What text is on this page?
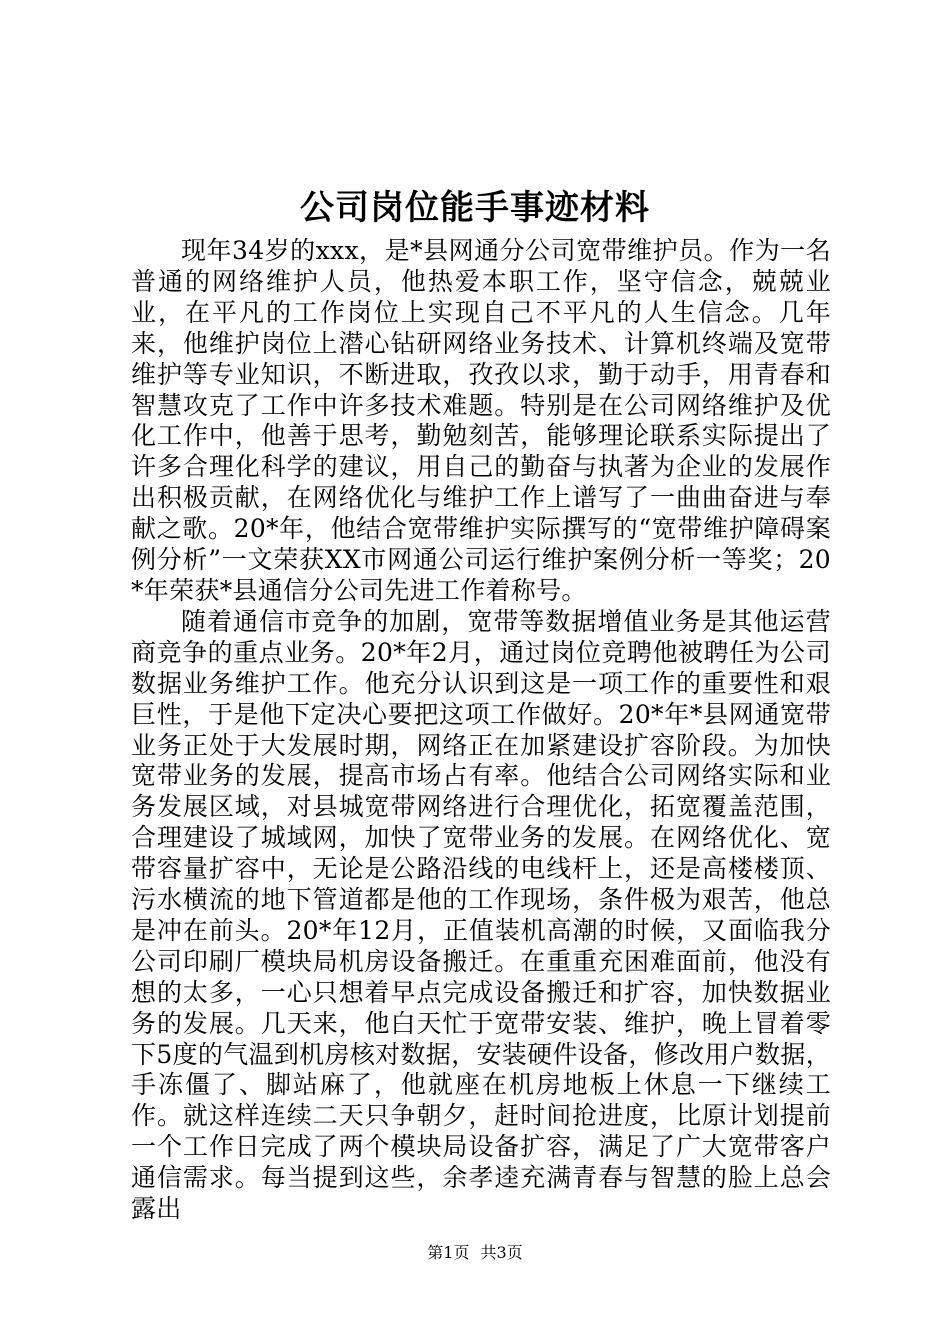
公司岗位能手事迹材料

现年34岁的xxx，是*县网通分公司宽带维护员。作为一名普通的网络维护人员，他热爱本职工作，坚守信念，兢兢业业，在平凡的工作岗位上实现自己不平凡的人生信念。几年来，他维护岗位上潜心钻研网络业务技术、计算机终端及宽带维护等专业知识，不断进取，孜孜以求，勤于动手，用青春和智慧攻克了工作中许多技术难题。特别是在公司网络维护及优化工作中，他善于思考，勤勉刻苦，能够理论联系实际提出了许多合理化科学的建议，用自己的勤奋与执著为企业的发展作出积极贡献，在网络优化与维护工作上谱写了一曲曲奋进与奉献之歌。20*年，他结合宽带维护实际撰写的“宽带维护障碍案例分析”一文荣获XX市网通公司运行维护案例分析一等奖；20*年荣获*县通信分公司先进工作着称号。

随着通信市竞争的加剧，宽带等数据增值业务是其他运营商竞争的重点业务。20*年2月，通过岗位竞聘他被聘任为公司数据业务维护工作。他充分认识到这是一项工作的重要性和艰巨性，于是他下定决心要把这项工作做好。20*年*县网通宽带业务正处于大发展时期，网络正在加紧建设扩容阶段。为加快宽带业务的发展，提高市场占有率。他结合公司网络实际和业务发展区域，对县城宽带网络进行合理优化，拓宽覆盖范围，合理建设了城域网，加快了宽带业务的发展。在网络优化、宽带容量扩容中，无论是公路沿线的电线杆上，还是高楼楼顶、污水横流的地下管道都是他的工作现场，条件极为艰苦，他总是冲在前头。20*年12月，正值装机高潮的时候，又面临我分公司印刷厂模块局机房设备搬迁。在重重充困难面前，他没有想的太多，一心只想着早点完成设备搬迁和扩容，加快数据业务的发展。几天来，他白天忙于宽带安装、维护，晚上冒着零下5度的气温到机房核对数据，安装硬件设备，修改用户数据，手冻僵了、脚站麻了，他就座在机房地板上休息一下继续工作。就这样连续二天只争朝夕，赶时间抢进度，比原计划提前一个工作日完成了两个模块局设备扩容，满足了广大宽带客户通信需求。每当提到这些，余孝逵充满青春与智慧的脸上总会露出

第1页 共3页
